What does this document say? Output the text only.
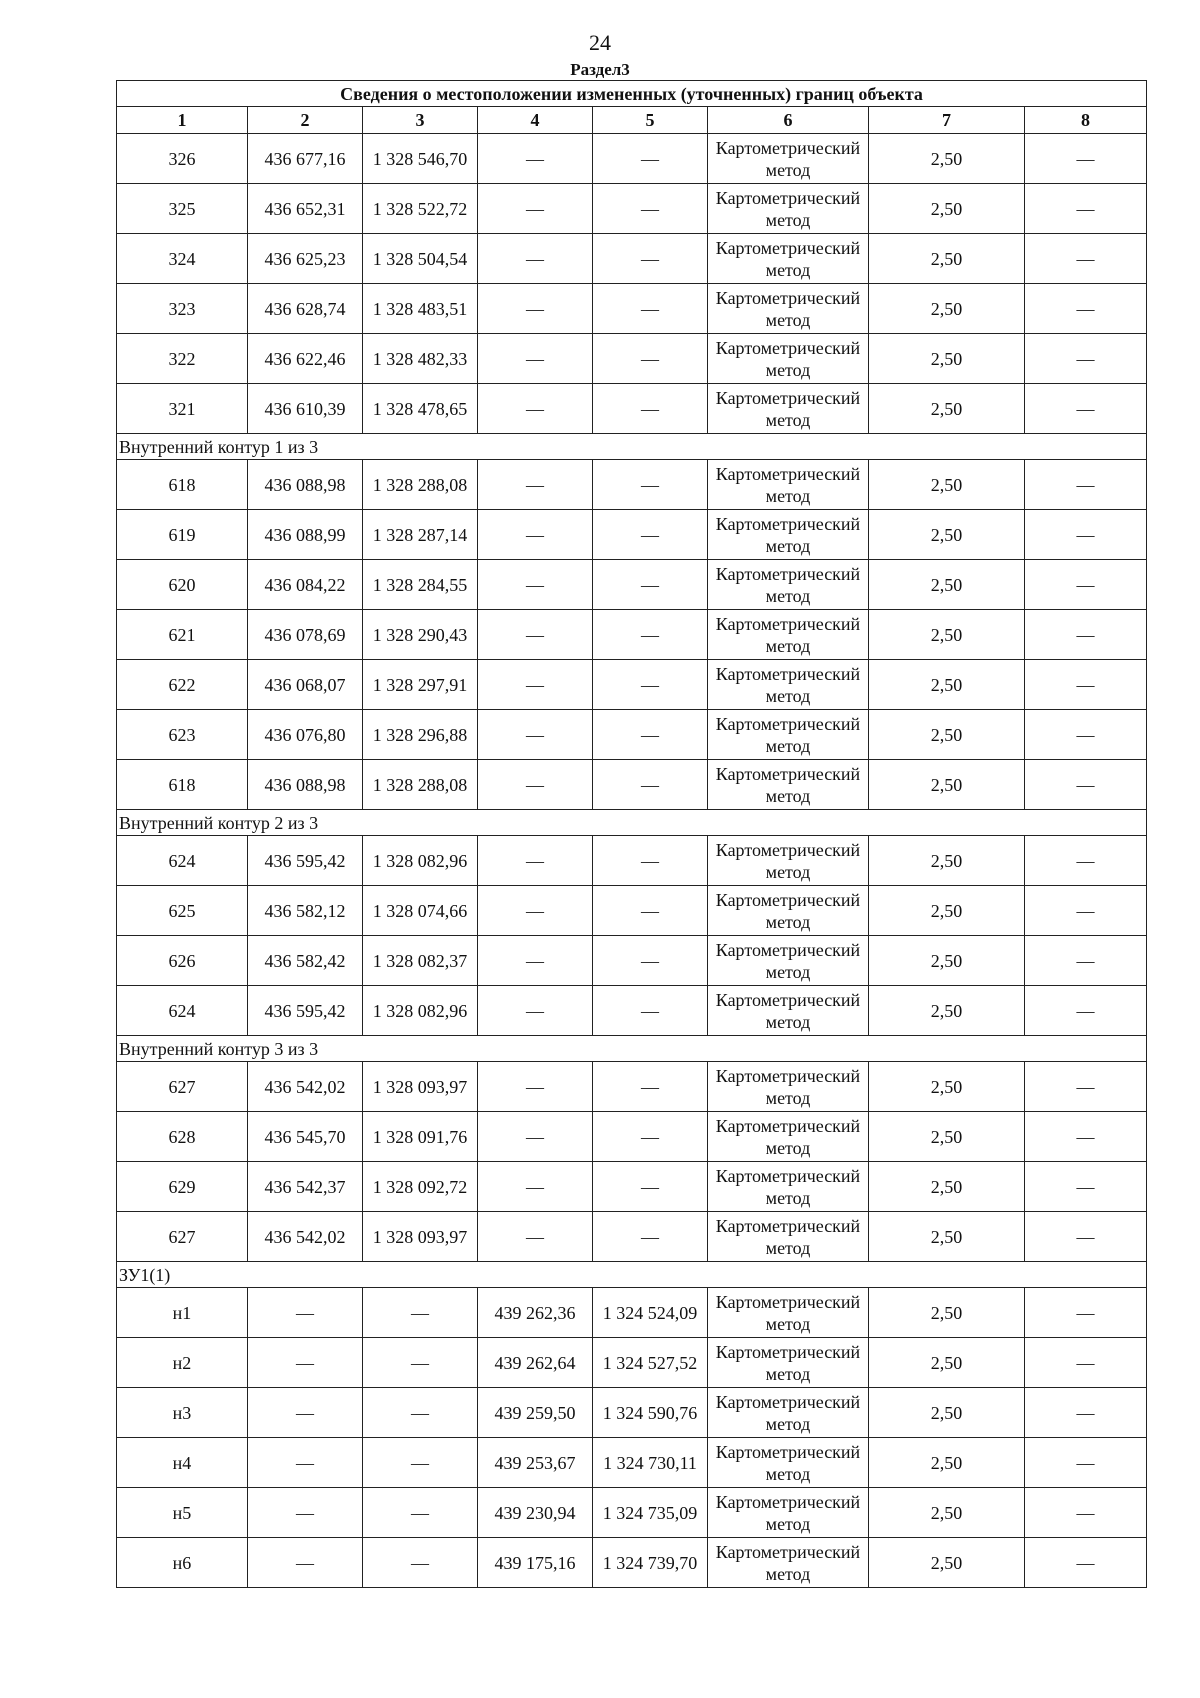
24
Раздел3
Сведения о местоположении измененных (уточненных) границ объекта							
1	2	3	4	5	6	7	8
326	436 677,16	1 328 546,70	—	—	Картометрический метод	2,50	—
325	436 652,31	1 328 522,72	—	—	Картометрический метод	2,50	—
324	436 625,23	1 328 504,54	—	—	Картометрический метод	2,50	—
323	436 628,74	1 328 483,51	—	—	Картометрический метод	2,50	—
322	436 622,46	1 328 482,33	—	—	Картометрический метод	2,50	—
321	436 610,39	1 328 478,65	—	—	Картометрический метод	2,50	—
Внутренний контур 1 из 3							
618	436 088,98	1 328 288,08	—	—	Картометрический метод	2,50	—
619	436 088,99	1 328 287,14	—	—	Картометрический метод	2,50	—
620	436 084,22	1 328 284,55	—	—	Картометрический метод	2,50	—
621	436 078,69	1 328 290,43	—	—	Картометрический метод	2,50	—
622	436 068,07	1 328 297,91	—	—	Картометрический метод	2,50	—
623	436 076,80	1 328 296,88	—	—	Картометрический метод	2,50	—
618	436 088,98	1 328 288,08	—	—	Картометрический метод	2,50	—
Внутренний контур 2 из 3							
624	436 595,42	1 328 082,96	—	—	Картометрический метод	2,50	—
625	436 582,12	1 328 074,66	—	—	Картометрический метод	2,50	—
626	436 582,42	1 328 082,37	—	—	Картометрический метод	2,50	—
624	436 595,42	1 328 082,96	—	—	Картометрический метод	2,50	—
Внутренний контур 3 из 3							
627	436 542,02	1 328 093,97	—	—	Картометрический метод	2,50	—
628	436 545,70	1 328 091,76	—	—	Картометрический метод	2,50	—
629	436 542,37	1 328 092,72	—	—	Картометрический метод	2,50	—
627	436 542,02	1 328 093,97	—	—	Картометрический метод	2,50	—
ЗУ1(1)							
н1	—	—	439 262,36	1 324 524,09	Картометрический метод	2,50	—
н2	—	—	439 262,64	1 324 527,52	Картометрический метод	2,50	—
н3	—	—	439 259,50	1 324 590,76	Картометрический метод	2,50	—
н4	—	—	439 253,67	1 324 730,11	Картометрический метод	2,50	—
н5	—	—	439 230,94	1 324 735,09	Картометрический метод	2,50	—
н6	—	—	439 175,16	1 324 739,70	Картометрический метод	2,50	—
